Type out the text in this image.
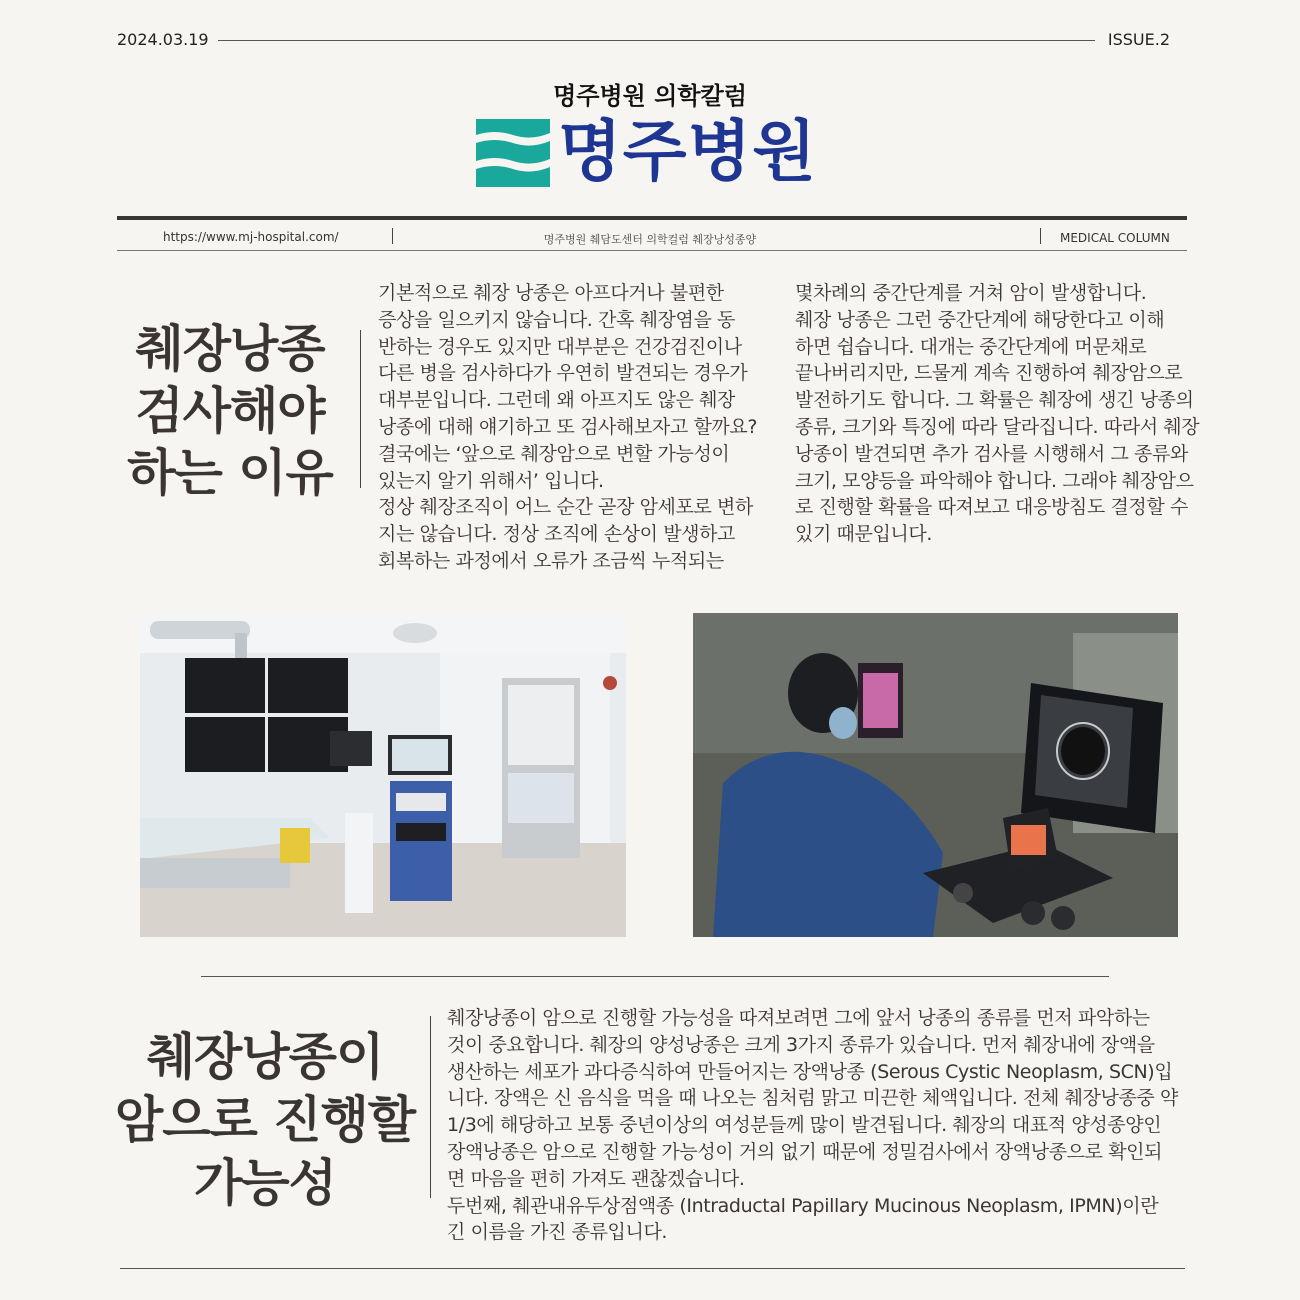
2024.03.19	ISSUE.2
명주병원 의학칼럼
명주병원
https://www.mj-hospital.com/	명주병원 췌담도센터 의학컬럼 췌장낭성종양	MEDICAL COLUMN
췌장낭종
검사해야
하는 이유

기본적으로 췌장 낭종은 아프다거나 불편한

증상을 일으키지 않습니다. 간혹 췌장염을 동

반하는 경우도 있지만 대부분은 건강검진이나

다른 병을 검사하다가 우연히 발견되는 경우가

대부분입니다. 그런데 왜 아프지도 않은 췌장

낭종에 대해 얘기하고 또 검사해보자고 할까요?

결국에는 ‘앞으로 췌장암으로 변할 가능성이

있는지 알기 위해서’ 입니다.

정상 췌장조직이 어느 순간 곧장 암세포로 변하

지는 않습니다. 정상 조직에 손상이 발생하고

회복하는 과정에서 오류가 조금씩 누적되는

몇차례의 중간단계를 거쳐 암이 발생합니다.

췌장 낭종은 그런 중간단계에 해당한다고 이해

하면 쉽습니다. 대개는 중간단계에 머문채로

끝나버리지만, 드물게 계속 진행하여 췌장암으로

발전하기도 합니다. 그 확률은 췌장에 생긴 낭종의

종류, 크기와 특징에 따라 달라집니다. 따라서 췌장

낭종이 발견되면 추가 검사를 시행해서 그 종류와

크기, 모양등을 파악해야 합니다. 그래야 췌장암으

로 진행할 확률을 따져보고 대응방침도 결정할 수

있기 때문입니다.

췌장낭종이
암으로 진행할
가능성

췌장낭종이 암으로 진행할 가능성을 따져보려면 그에 앞서 낭종의 종류를 먼저 파악하는

것이 중요합니다. 췌장의 양성낭종은 크게 3가지 종류가 있습니다. 먼저 췌장내에 장액을

생산하는 세포가 과다증식하여 만들어지는 장액낭종 (Serous Cystic Neoplasm, SCN)입

니다. 장액은 신 음식을 먹을 때 나오는 침처럼 맑고 미끈한 체액입니다. 전체 췌장낭종중 약

1/3에 해당하고 보통 중년이상의 여성분들께 많이 발견됩니다. 췌장의 대표적 양성종양인

장액낭종은 암으로 진행할 가능성이 거의 없기 때문에 정밀검사에서 장액낭종으로 확인되

면 마음을 편히 가져도 괜찮겠습니다.

두번째, 췌관내유두상점액종 (Intraductal Papillary Mucinous Neoplasm, IPMN)이란

긴 이름을 가진 종류입니다.
